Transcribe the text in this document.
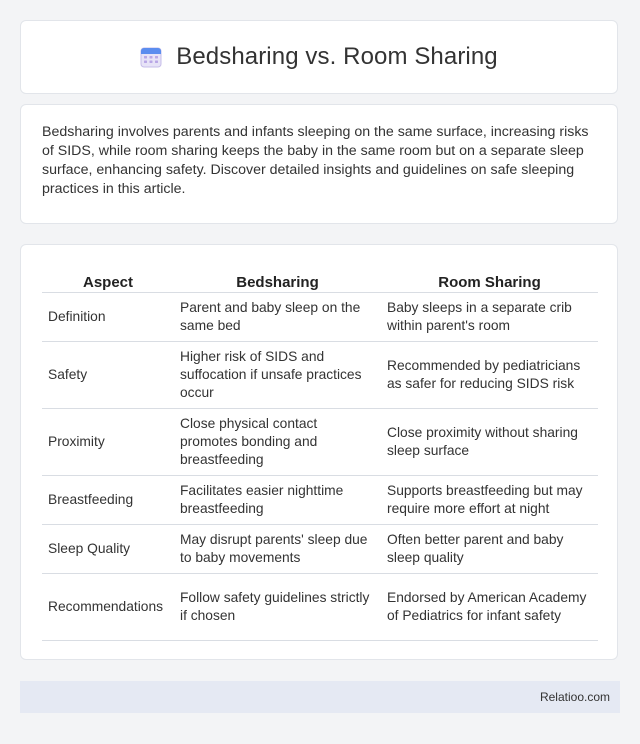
Bedsharing vs. Room Sharing

Bedsharing involves parents and infants sleeping on the same surface, increasing risks of SIDS, while room sharing keeps the baby in the same room but on a separate sleep surface, enhancing safety. Discover detailed insights and guidelines on safe sleeping practices in this article.

Aspect	Bedsharing	Room Sharing
Definition	Parent and baby sleep on the same bed	Baby sleeps in a separate crib within parent's room
Safety	Higher risk of SIDS and suffocation if unsafe practices occur	Recommended by pediatricians as safer for reducing SIDS risk
Proximity	Close physical contact promotes bonding and breastfeeding	Close proximity without sharing sleep surface
Breastfeeding	Facilitates easier nighttime breastfeeding	Supports breastfeeding but may require more effort at night
Sleep Quality	May disrupt parents' sleep due to baby movements	Often better parent and baby sleep quality
Recommendations	Follow safety guidelines strictly if chosen	Endorsed by American Academy of Pediatrics for infant safety
Relatioo.com
